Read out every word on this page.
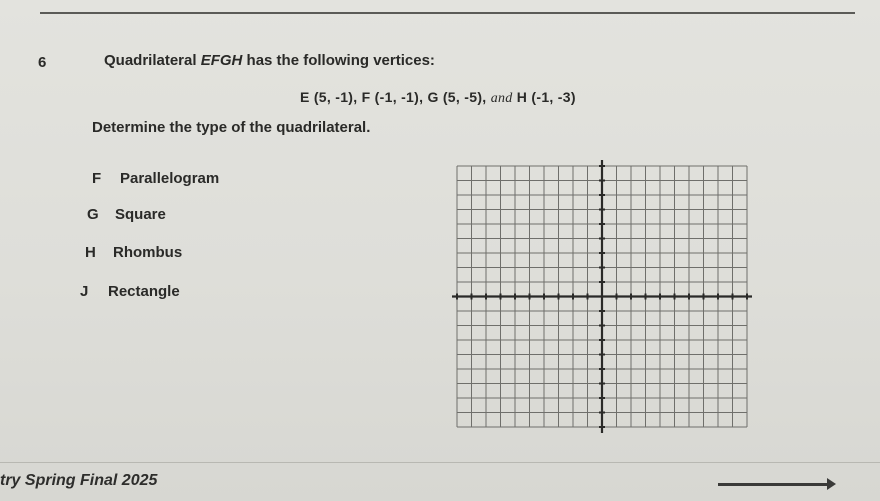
6	Quadrilateral EFGH has the following vertices:
E (5, -1), F (-1, -1), G (5, -5), and H (-1, -3)
Determine the type of the quadrilateral.
F Parallelogram
G Square
H Rhombus
J Rectangle
try Spring Final 2025
